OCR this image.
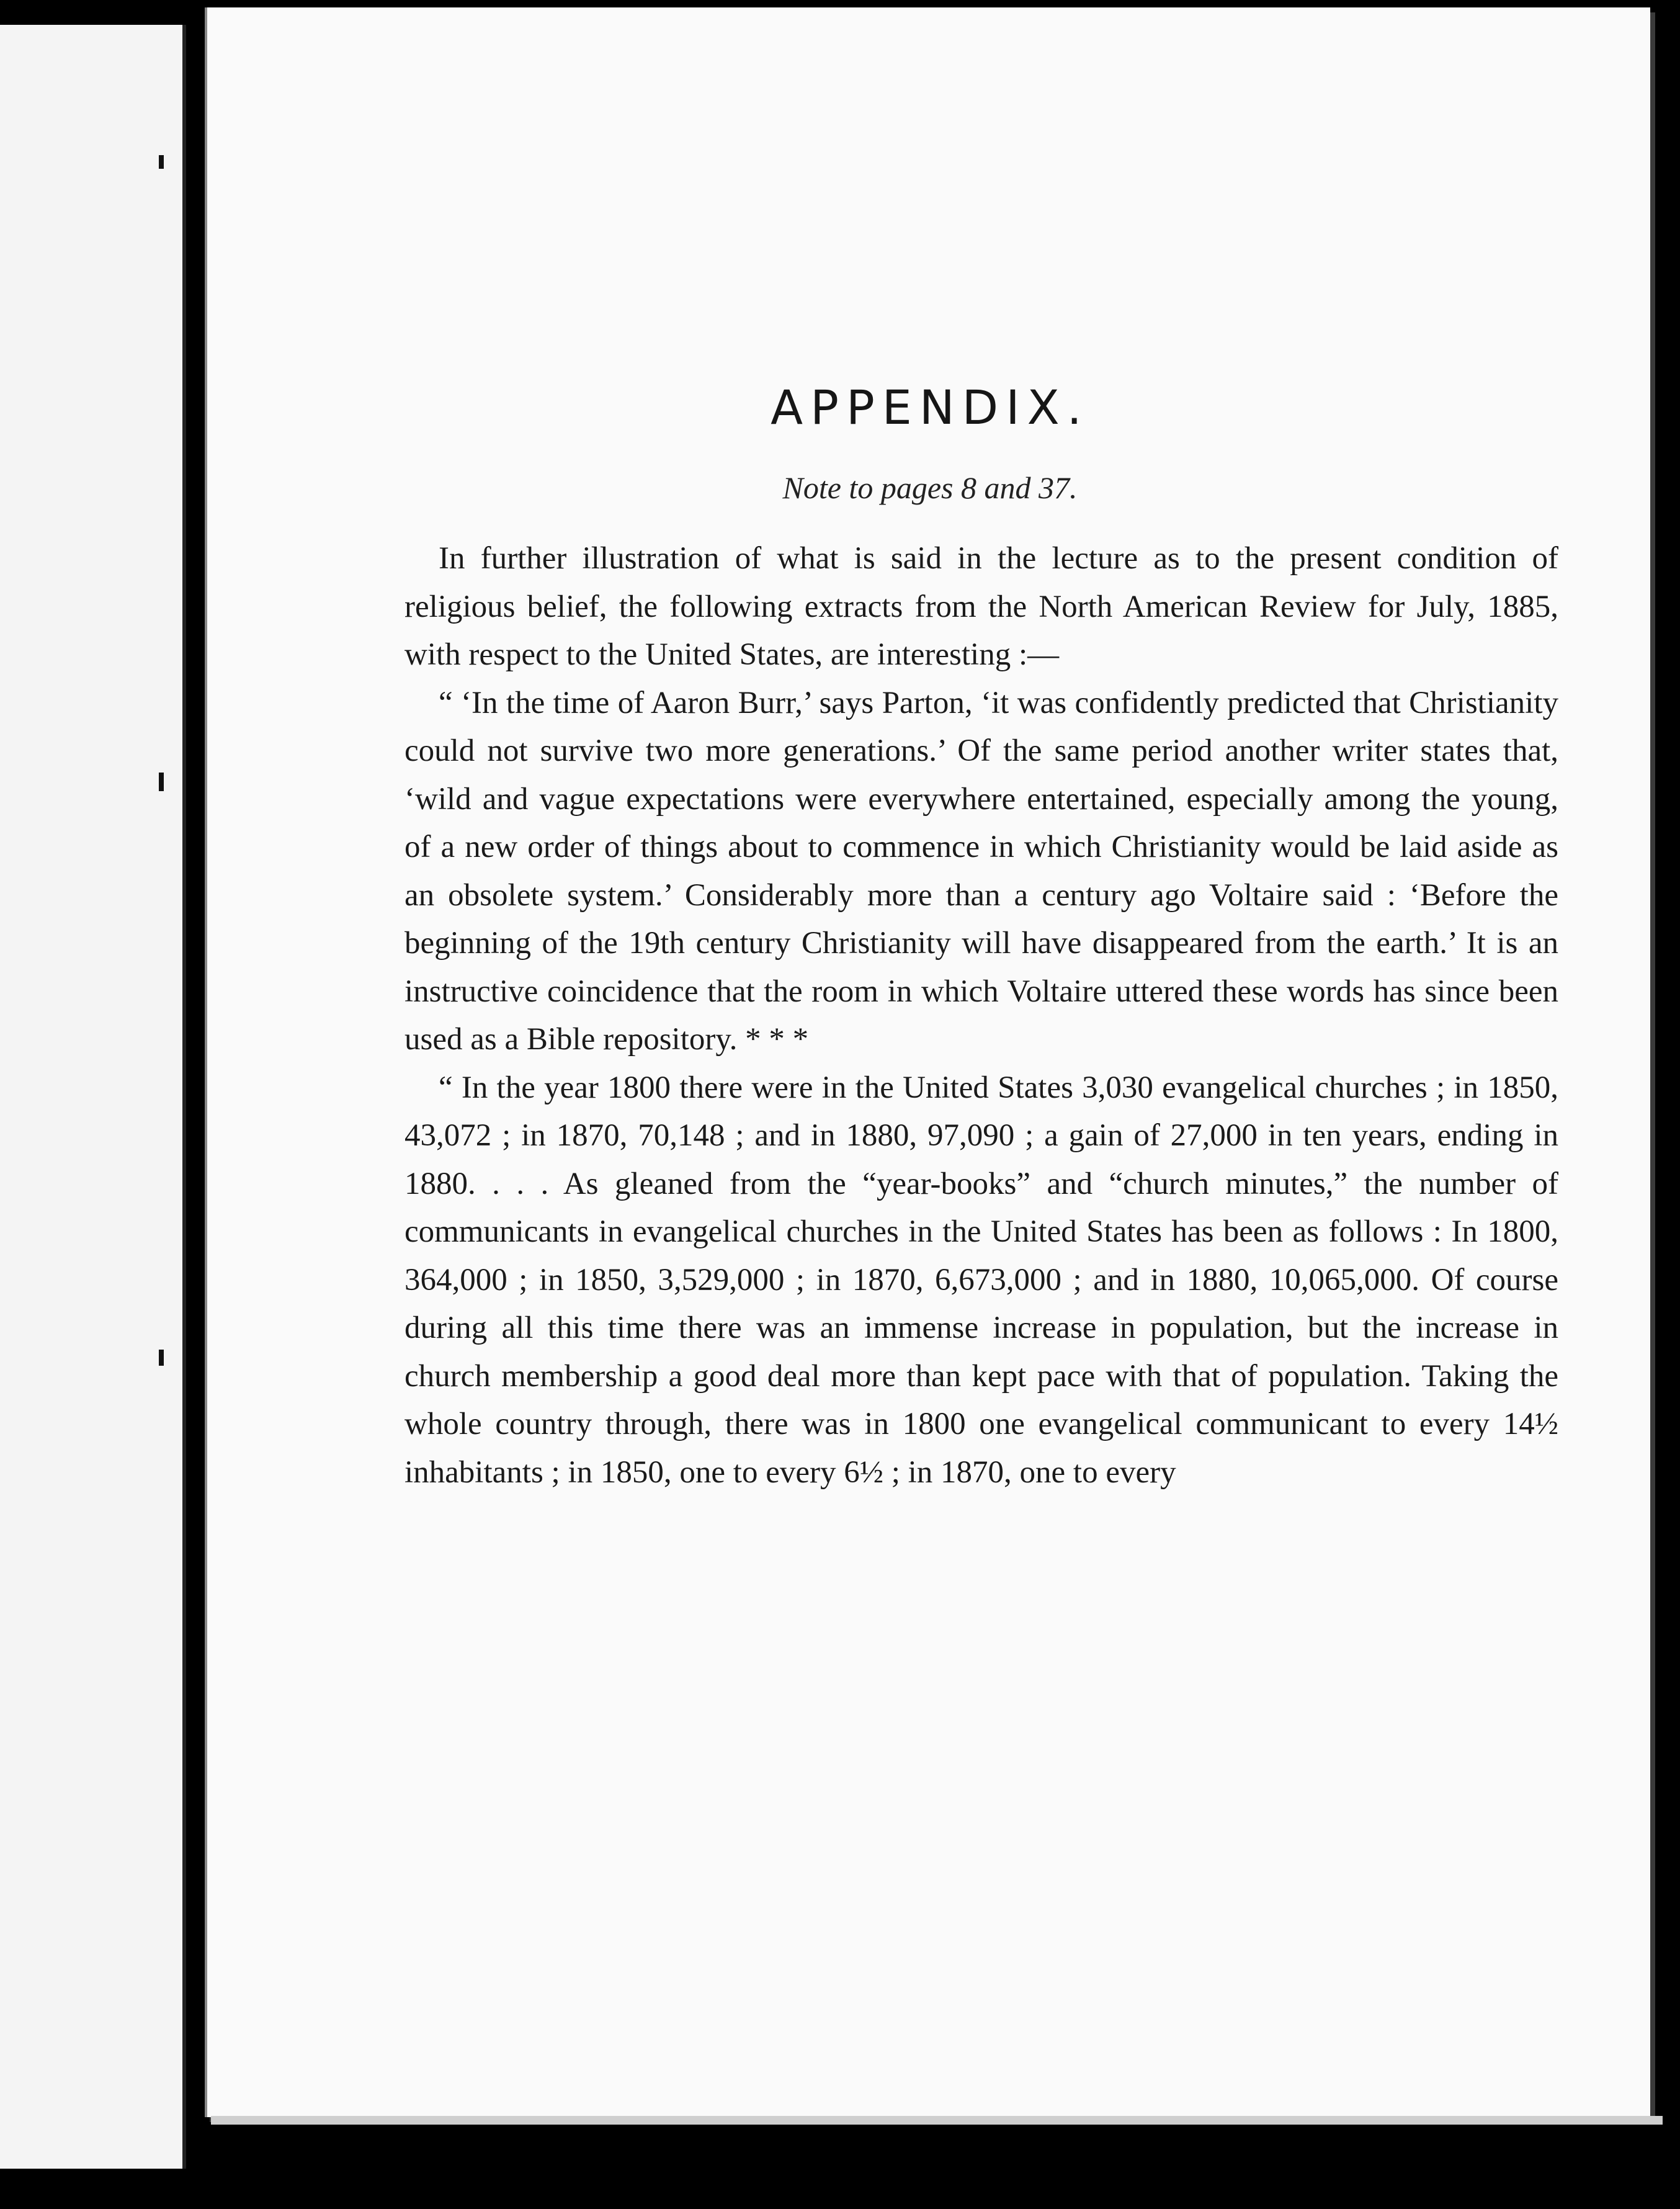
APPENDIX.
Note to pages 8 and 37.

In further illustration of what is said in the lecture as to the present condition of religious belief, the following extracts from the North American Review for July, 1885, with respect to the United States, are interesting :—

“ ‘In the time of Aaron Burr,’ says Parton, ‘it was confidently predicted that Christianity could not survive two more generations.’ Of the same period another writer states that, ‘wild and vague expectations were everywhere entertained, especially among the young, of a new order of things about to commence in which Christianity would be laid aside as an obsolete system.’ Considerably more than a century ago Voltaire said : ‘Before the beginning of the 19th century Christianity will have disappeared from the earth.’ It is an instructive coincidence that the room in which Voltaire uttered these words has since been used as a Bible repository. * * *

“ In the year 1800 there were in the United States 3,030 evangelical churches ; in 1850, 43,072 ; in 1870, 70,148 ; and in 1880, 97,090 ; a gain of 27,000 in ten years, ending in 1880. . . . As gleaned from the “year-books” and “church minutes,” the number of communicants in evangelical churches in the United States has been as follows : In 1800, 364,000 ; in 1850, 3,529,000 ; in 1870, 6,673,000 ; and in 1880, 10,065,000. Of course during all this time there was an immense increase in population, but the increase in church membership a good deal more than kept pace with that of population. Taking the whole country through, there was in 1800 one evangelical communicant to every 14½ inhabitants ; in 1850, one to every 6½ ; in 1870, one to every
